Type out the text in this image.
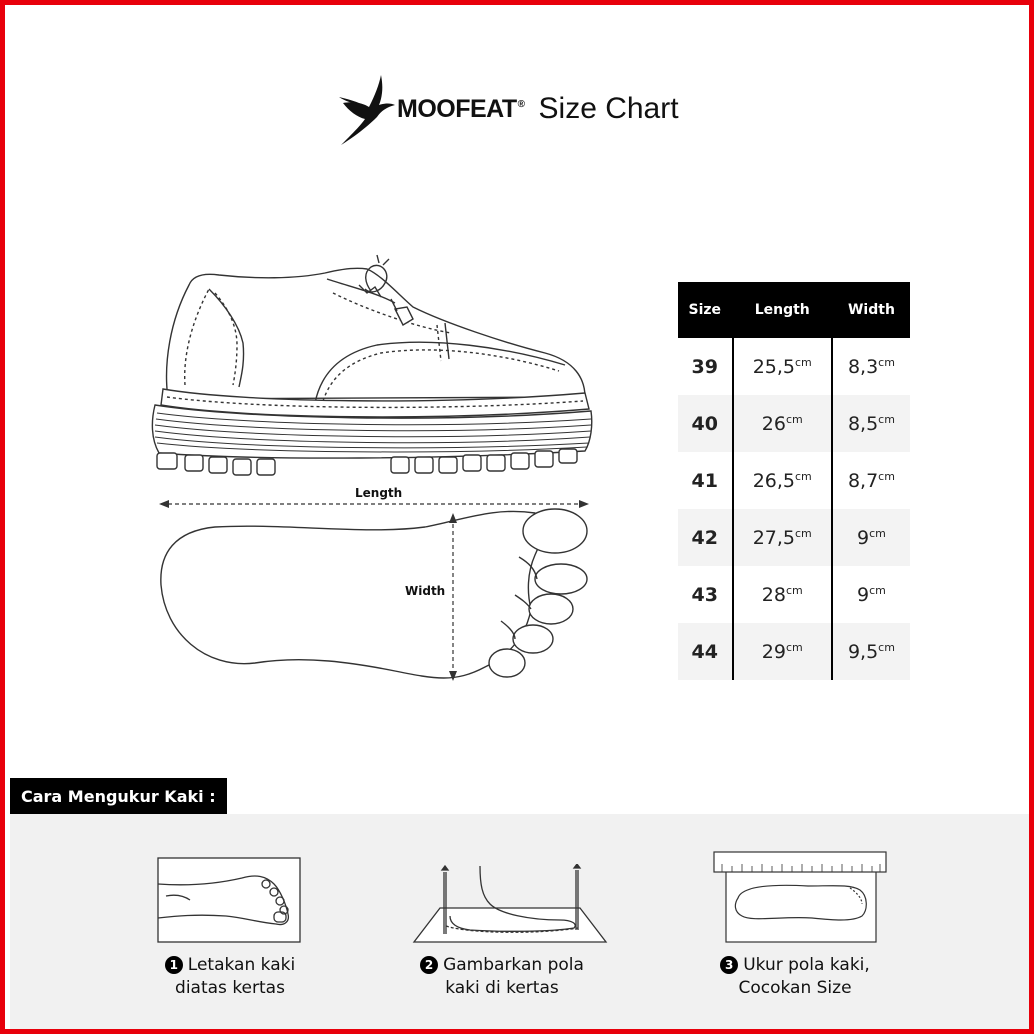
MOOFEAT® Size Chart
Length
Width
Size	Length	Width
39	$25,5^{cm}$	$8,3^{cm}$
40	$26^{cm}$	$8,5^{cm}$
41	$26,5^{cm}$	$8,7^{cm}$
42	$27,5^{cm}$	$9^{cm}$
43	$28^{cm}$	$9^{cm}$
44	$29^{cm}$	$9,5^{cm}$
Cara Mengukur Kaki :
1 Letakan kaki
diatas kertas
2 Gambarkan pola
kaki di kertas
3 Ukur pola kaki,
Cocokan Size
